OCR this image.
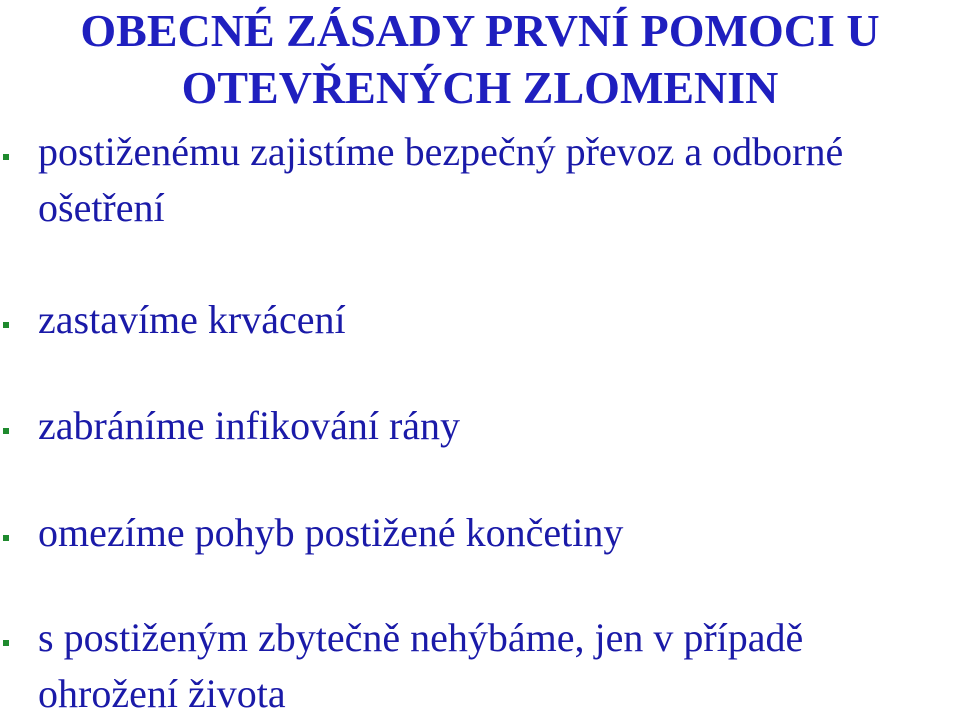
OBECNÉ ZÁSADY PRVNÍ POMOCI U
OTEVŘENÝCH ZLOMENIN
postiženému zajistíme bezpečný převoz a odborné
ošetření
zastavíme krvácení
zabráníme infikování rány
omezíme pohyb postižené končetiny
s postiženým zbytečně nehýbáme, jen v případě
ohrožení života
